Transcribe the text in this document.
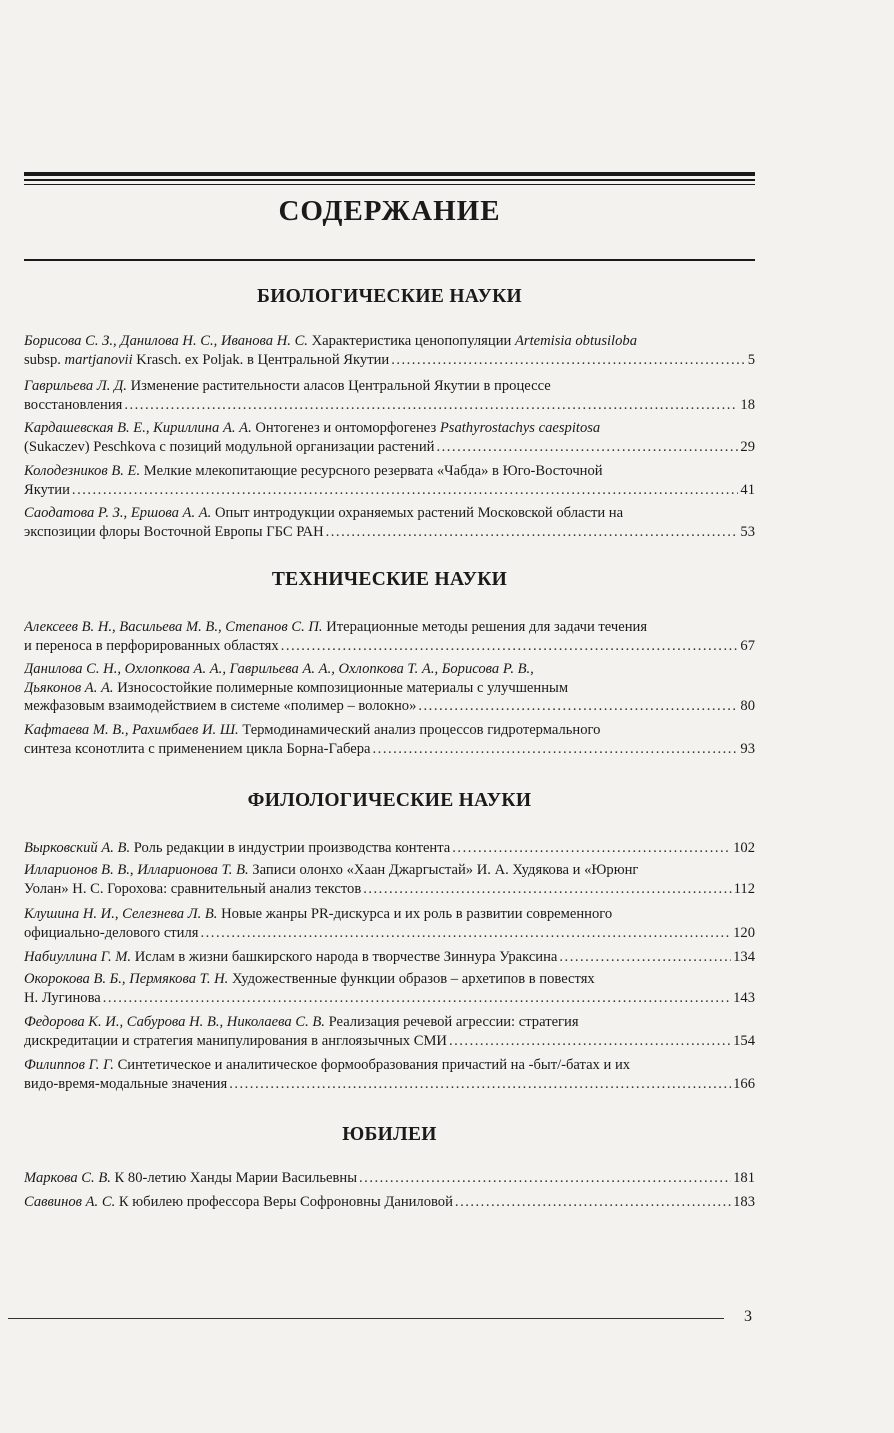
СОДЕРЖАНИЕ
БИОЛОГИЧЕСКИЕ НАУКИ
Борисова С. З., Данилова Н. С., Иванова Н. С. Характеристика ценопопуляции Artemisia obtusiloba
subsp. martjanovii Krasch. ex Poljak. в Центральной Якутии .....	5
Гаврильева Л. Д. Изменение растительности аласов Центральной Якутии в процессе
восстановления .....	18
Кардашевская В. Е., Кириллина А. А. Онтогенез и онтоморфогенез Psathyrostachys caespitosa
(Sukaczev) Peschkova с позиций модульной организации растений .....	29
Колодезников В. Е. Мелкие млекопитающие ресурсного резервата «Чабда» в Юго-Восточной
Якутии .....	41
Саодатова Р. З., Ершова А. А. Опыт интродукции охраняемых растений Московской области на
экспозиции флоры Восточной Европы ГБС РАН .....	53
ТЕХНИЧЕСКИЕ НАУКИ
Алексеев В. Н., Васильева М. В., Степанов С. П. Итерационные методы решения для задачи течения
и переноса в перфорированных областях .....	67
Данилова С. Н., Охлопкова А. А., Гаврильева А. А., Охлопкова Т. А., Борисова Р. В.,
Дьяконов А. А. Износостойкие полимерные композиционные материалы с улучшенным
межфазовым взаимодействием в системе «полимер – волокно» .....	80
Кафтаева М. В., Рахимбаев И. Ш. Термодинамический анализ процессов гидротермального
синтеза ксонотлита с применением цикла Борна-Габера .....	93
ФИЛОЛОГИЧЕСКИЕ НАУКИ
Вырковский А. В. Роль редакции в индустрии производства контента .....	102
Илларионов В. В., Илларионова Т. В. Записи олонхо «Хаан Джаргыстай» И. А. Худякова и «Юрюнг
Уолан» Н. С. Горохова: сравнительный анализ текстов .....	112
Клушина Н. И., Селезнева Л. В. Новые жанры PR-дискурса и их роль в развитии современного
официально-делового стиля .....	120
Набиуллина Г. М. Ислам в жизни башкирского народа в творчестве Зиннура Ураксина .....	134
Окорокова В. Б., Пермякова Т. Н. Художественные функции образов – архетипов в повестях
Н. Лугинова .....	143
Федорова К. И., Сабурова Н. В., Николаева С. В. Реализация речевой агрессии: стратегия
дискредитации и стратегия манипулирования в англоязычных СМИ .....	154
Филиппов Г. Г. Синтетическое и аналитическое формообразования причастий на -быт/-батах и их
видо-время-модальные значения .....	166
ЮБИЛЕИ
Маркова С. В. К 80-летию Ханды Марии Васильевны .....	181
Саввинов А. С. К юбилею профессора Веры Софроновны Даниловой .....	183
3
